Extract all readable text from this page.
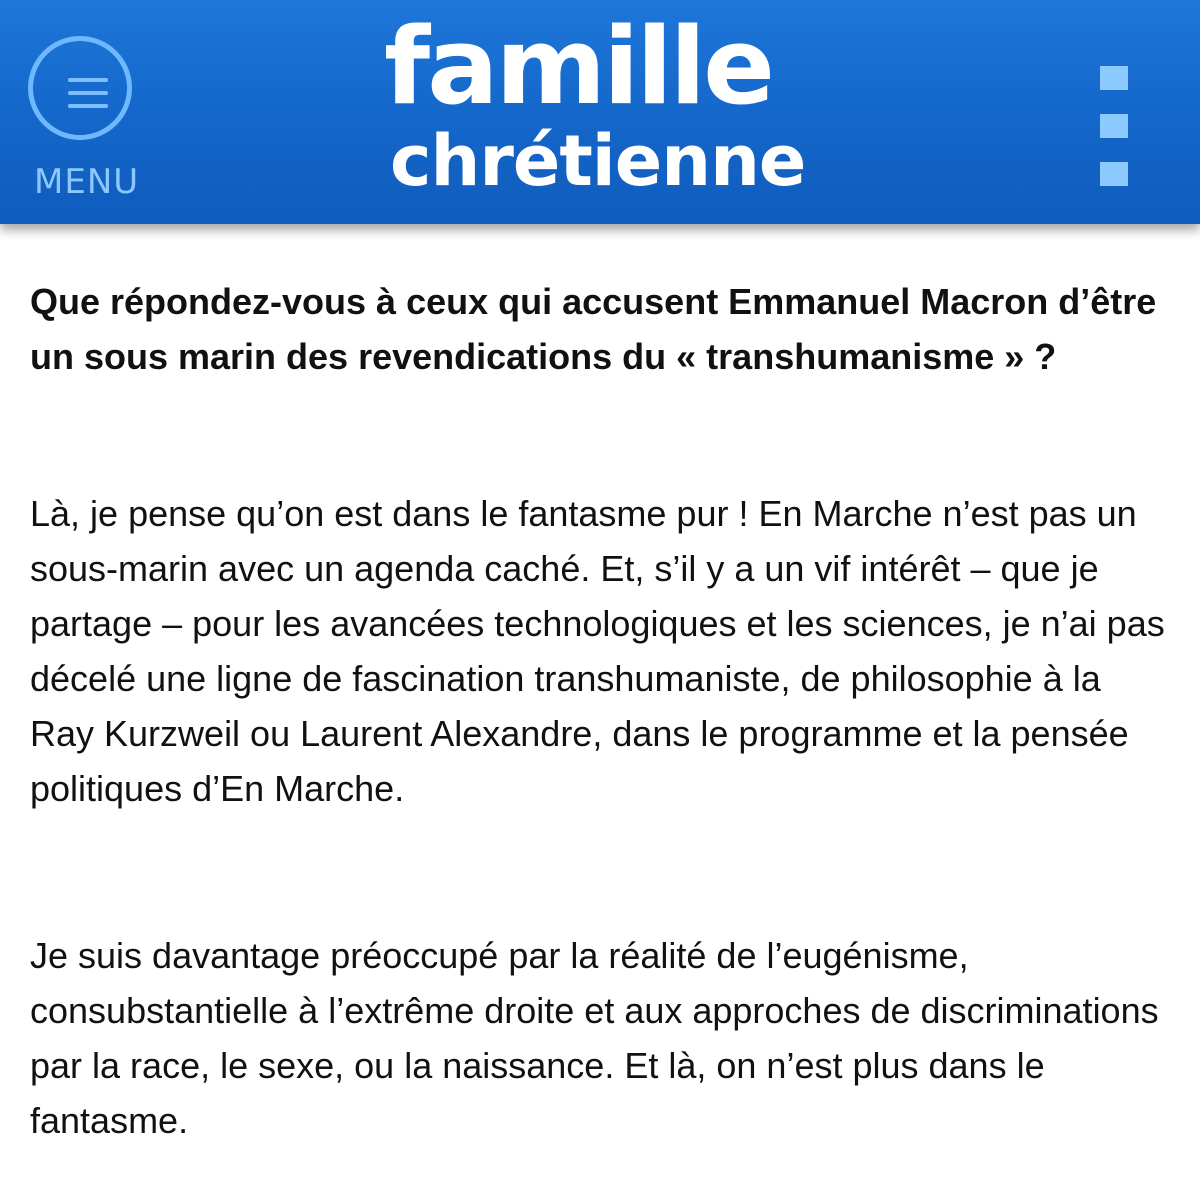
MENU
famille
chrétienne

Que répondez-vous à ceux qui accusent Emmanuel Macron d’être un sous marin des revendications du « transhumanisme » ?

Là, je pense qu’on est dans le fantasme pur ! En Marche n’est pas un sous-marin avec un agenda caché. Et, s’il y a un vif intérêt – que je partage – pour les avancées technologiques et les sciences, je n’ai pas décelé une ligne de fascination transhumaniste, de philosophie à la Ray Kurzweil ou Laurent Alexandre, dans le programme et la pensée politiques d’En Marche.

Je suis davantage préoccupé par la réalité de l’eugénisme, consubstantielle à l’extrême droite et aux approches de discriminations par la race, le sexe, ou la naissance. Et là, on n’est plus dans le fantasme.
